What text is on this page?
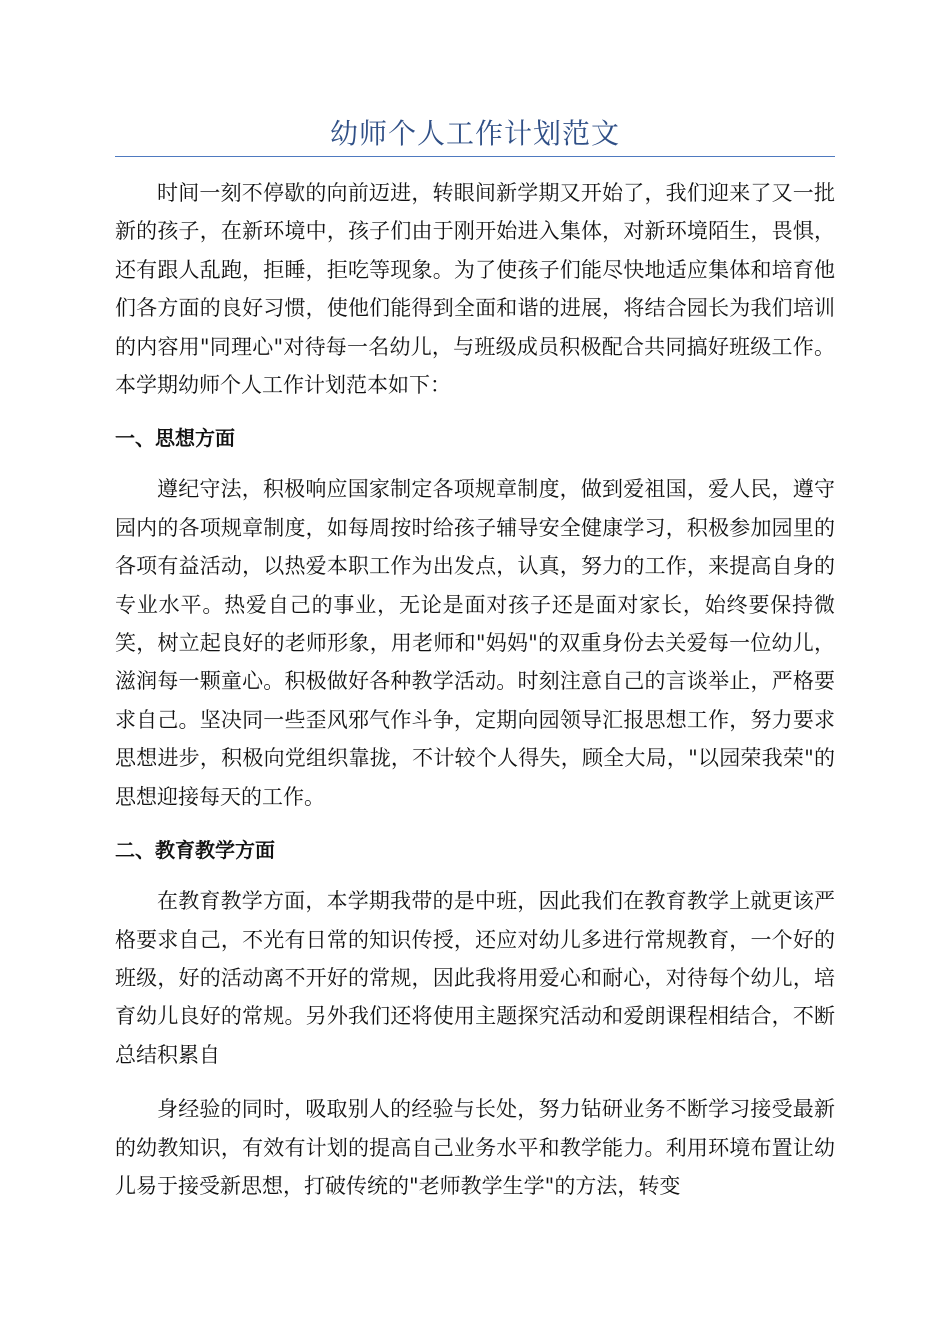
幼师个人工作计划范文

时间一刻不停歇的向前迈进，转眼间新学期又开始了，我们迎来了又一批新的孩子，在新环境中，孩子们由于刚开始进入集体，对新环境陌生，畏惧，还有跟人乱跑，拒睡，拒吃等现象。为了使孩子们能尽快地适应集体和培育他们各方面的良好习惯，使他们能得到全面和谐的进展，将结合园长为我们培训的内容用"同理心"对待每一名幼儿，与班级成员积极配合共同搞好班级工作。本学期幼师个人工作计划范本如下：

一、思想方面

遵纪守法，积极响应国家制定各项规章制度，做到爱祖国，爱人民，遵守园内的各项规章制度，如每周按时给孩子辅导安全健康学习，积极参加园里的各项有益活动，以热爱本职工作为出发点，认真，努力的工作，来提高自身的专业水平。热爱自己的事业，无论是面对孩子还是面对家长，始终要保持微笑，树立起良好的老师形象，用老师和"妈妈"的双重身份去关爱每一位幼儿，滋润每一颗童心。积极做好各种教学活动。时刻注意自己的言谈举止，严格要求自己。坚决同一些歪风邪气作斗争，定期向园领导汇报思想工作，努力要求思想进步，积极向党组织靠拢，不计较个人得失，顾全大局，"以园荣我荣"的思想迎接每天的工作。

二、教育教学方面

在教育教学方面，本学期我带的是中班，因此我们在教育教学上就更该严格要求自己，不光有日常的知识传授，还应对幼儿多进行常规教育，一个好的班级，好的活动离不开好的常规，因此我将用爱心和耐心，对待每个幼儿，培育幼儿良好的常规。另外我们还将使用主题探究活动和爱朗课程相结合，不断总结积累自

身经验的同时，吸取别人的经验与长处，努力钻研业务不断学习接受最新的幼教知识，有效有计划的提高自己业务水平和教学能力。利用环境布置让幼儿易于接受新思想，打破传统的"老师教学生学"的方法，转变
